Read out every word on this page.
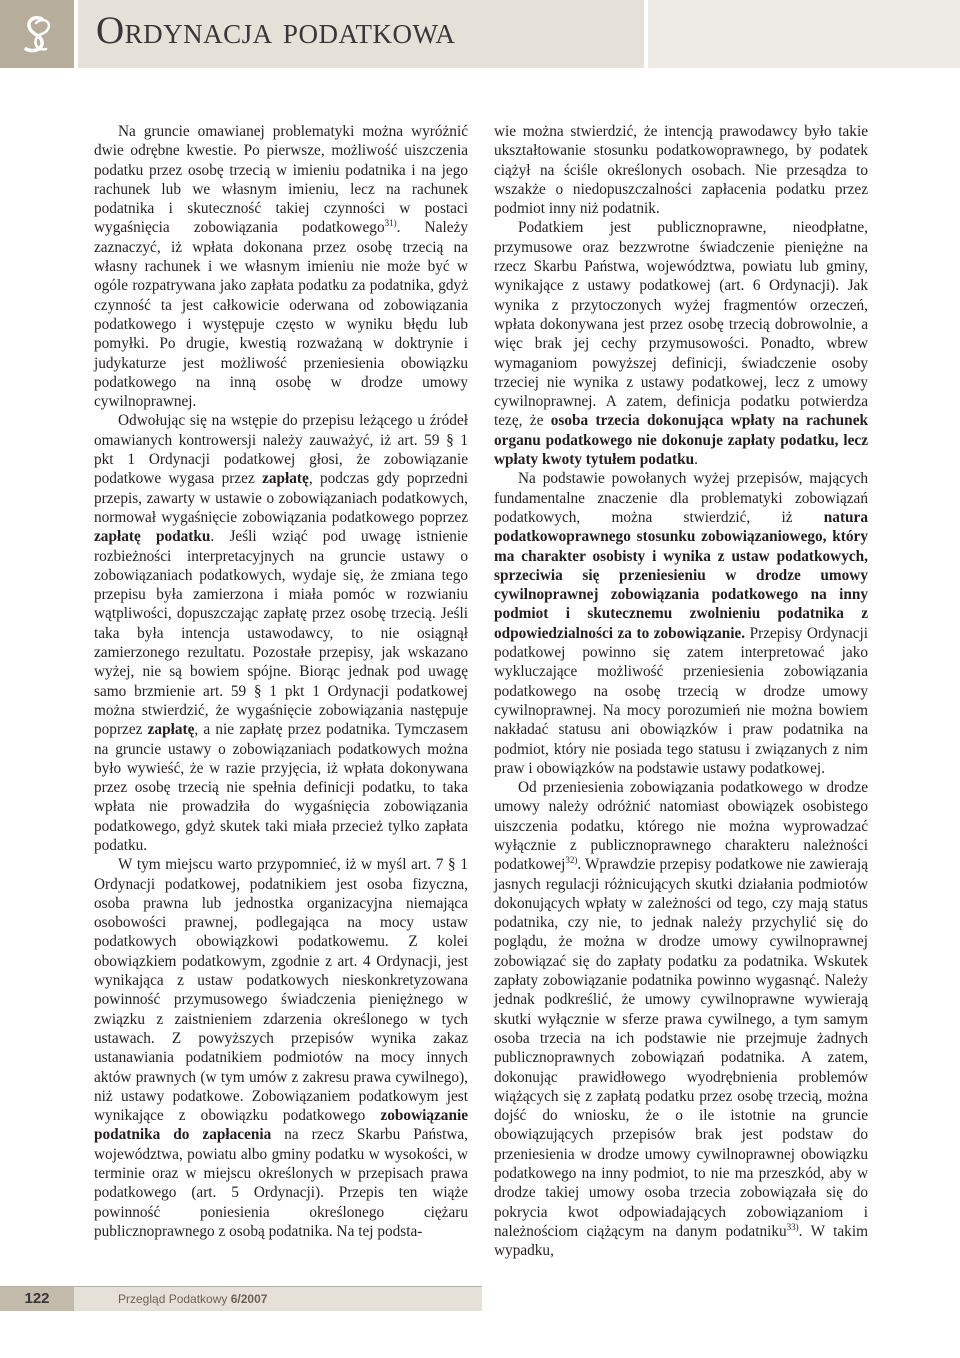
Ordynacja podatkowa

Na gruncie omawianej problematyki można wyróżnić dwie odrębne kwestie. Po pierwsze, możliwość uiszczenia podatku przez osobę trzecią w imieniu podatnika i na jego rachunek lub we własnym imieniu, lecz na rachunek podatnika i skuteczność takiej czynności w postaci wygaśnięcia zobowiązania podatkowego$^{31)}$. Należy zaznaczyć, iż wpłata dokonana przez osobę trzecią na własny rachunek i we własnym imieniu nie może być w ogóle rozpatrywana jako zapłata podatku za podatnika, gdyż czynność ta jest całkowicie oderwana od zobowiązania podatkowego i występuje często w wyniku błędu lub pomyłki. Po drugie, kwestią rozważaną w doktrynie i judykaturze jest możliwość przeniesienia obowiązku podatkowego na inną osobę w drodze umowy cywilnoprawnej.

Odwołując się na wstępie do przepisu leżącego u źródeł omawianych kontrowersji należy zauważyć, iż art. 59 § 1 pkt 1 Ordynacji podatkowej głosi, że zobowiązanie podatkowe wygasa przez zapłatę, podczas gdy poprzedni przepis, zawarty w ustawie o zobowiązaniach podatkowych, normował wygaśnięcie zobowiązania podatkowego poprzez zapłatę podatku. Jeśli wziąć pod uwagę istnienie rozbieżności interpretacyjnych na gruncie ustawy o zobowiązaniach podatkowych, wydaje się, że zmiana tego przepisu była zamierzona i miała pomóc w rozwianiu wątpliwości, dopuszczając zapłatę przez osobę trzecią. Jeśli taka była intencja ustawodawcy, to nie osiągnął zamierzonego rezultatu. Pozostałe przepisy, jak wskazano wyżej, nie są bowiem spójne. Biorąc jednak pod uwagę samo brzmienie art. 59 § 1 pkt 1 Ordynacji podatkowej można stwierdzić, że wygaśnięcie zobowiązania następuje poprzez zapłatę, a nie zapłatę przez podatnika. Tymczasem na gruncie ustawy o zobowiązaniach podatkowych można było wywieść, że w razie przyjęcia, iż wpłata dokonywana przez osobę trzecią nie spełnia definicji podatku, to taka wpłata nie prowadziła do wygaśnięcia zobowiązania podatkowego, gdyż skutek taki miała przecież tylko zapłata podatku.

W tym miejscu warto przypomnieć, iż w myśl art. 7 § 1 Ordynacji podatkowej, podatnikiem jest osoba fizyczna, osoba prawna lub jednostka organizacyjna niemająca osobowości prawnej, podlegająca na mocy ustaw podatkowych obowiązkowi podatkowemu. Z kolei obowiązkiem podatkowym, zgodnie z art. 4 Ordynacji, jest wynikająca z ustaw podatkowych nieskonkretyzowana powinność przymusowego świadczenia pieniężnego w związku z zaistnieniem zdarzenia określonego w tych ustawach. Z powyższych przepisów wynika zakaz ustanawiania podatnikiem podmiotów na mocy innych aktów prawnych (w tym umów z zakresu prawa cywilnego), niż ustawy podatkowe. Zobowiązaniem podatkowym jest wynikające z obowiązku podatkowego zobowiązanie podatnika do zapłacenia na rzecz Skarbu Państwa, województwa, powiatu albo gminy podatku w wysokości, w terminie oraz w miejscu określonych w przepisach prawa podatkowego (art. 5 Ordynacji). Przepis ten wiąże powinność poniesienia określonego ciężaru publicznoprawnego z osobą podatnika. Na tej podsta-

wie można stwierdzić, że intencją prawodawcy było takie ukształtowanie stosunku podatkowoprawnego, by podatek ciążył na ściśle określonych osobach. Nie przesądza to wszakże o niedopuszczalności zapłacenia podatku przez podmiot inny niż podatnik.

Podatkiem jest publicznoprawne, nieodpłatne, przymusowe oraz bezzwrotne świadczenie pieniężne na rzecz Skarbu Państwa, województwa, powiatu lub gminy, wynikające z ustawy podatkowej (art. 6 Ordynacji). Jak wynika z przytoczonych wyżej fragmentów orzeczeń, wpłata dokonywana jest przez osobę trzecią dobrowolnie, a więc brak jej cechy przymusowości. Ponadto, wbrew wymaganiom powyższej definicji, świadczenie osoby trzeciej nie wynika z ustawy podatkowej, lecz z umowy cywilnoprawnej. A zatem, definicja podatku potwierdza tezę, że osoba trzecia dokonująca wpłaty na rachunek organu podatkowego nie dokonuje zapłaty podatku, lecz wpłaty kwoty tytułem podatku.

Na podstawie powołanych wyżej przepisów, mających fundamentalne znaczenie dla problematyki zobowiązań podatkowych, można stwierdzić, iż natura podatkowoprawnego stosunku zobowiązaniowego, który ma charakter osobisty i wynika z ustaw podatkowych, sprzeciwia się przeniesieniu w drodze umowy cywilnoprawnej zobowiązania podatkowego na inny podmiot i skutecznemu zwolnieniu podatnika z odpowiedzialności za to zobowiązanie. Przepisy Ordynacji podatkowej powinno się zatem interpretować jako wykluczające możliwość przeniesienia zobowiązania podatkowego na osobę trzecią w drodze umowy cywilnoprawnej. Na mocy porozumień nie można bowiem nakładać statusu ani obowiązków i praw podatnika na podmiot, który nie posiada tego statusu i związanych z nim praw i obowiązków na podstawie ustawy podatkowej.

Od przeniesienia zobowiązania podatkowego w drodze umowy należy odróżnić natomiast obowiązek osobistego uiszczenia podatku, którego nie można wyprowadzać wyłącznie z publicznoprawnego charakteru należności podatkowej$^{32)}$. Wprawdzie przepisy podatkowe nie zawierają jasnych regulacji różnicujących skutki działania podmiotów dokonujących wpłaty w zależności od tego, czy mają status podatnika, czy nie, to jednak należy przychylić się do poglądu, że można w drodze umowy cywilnoprawnej zobowiązać się do zapłaty podatku za podatnika. Wskutek zapłaty zobowiązanie podatnika powinno wygasnąć. Należy jednak podkreślić, że umowy cywilnoprawne wywierają skutki wyłącznie w sferze prawa cywilnego, a tym samym osoba trzecia na ich podstawie nie przejmuje żadnych publicznoprawnych zobowiązań podatnika. A zatem, dokonując prawidłowego wyodrębnienia problemów wiążących się z zapłatą podatku przez osobę trzecią, można dojść do wniosku, że o ile istotnie na gruncie obowiązujących przepisów brak jest podstaw do przeniesienia w drodze umowy cywilnoprawnej obowiązku podatkowego na inny podmiot, to nie ma przeszkód, aby w drodze takiej umowy osoba trzecia zobowiązała się do pokrycia kwot odpowiadających zobowiązaniom i należnościom ciążącym na danym podatniku$^{33)}$. W takim wypadku,

122	Przegląd Podatkowy 6/2007
